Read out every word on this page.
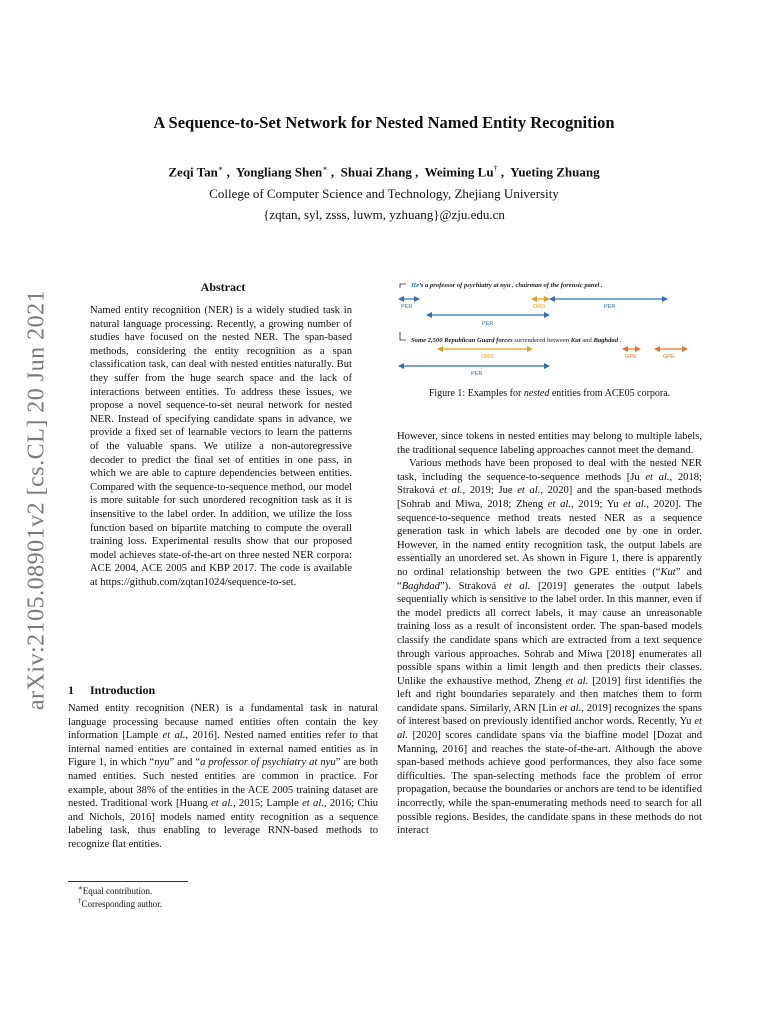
arXiv:2105.08901v2 [cs.CL] 20 Jun 2021
A Sequence-to-Set Network for Nested Named Entity Recognition
Zeqi Tan∗ ,  Yongliang Shen∗ ,  Shuai Zhang ,  Weiming Lu† ,  Yueting Zhuang
College of Computer Science and Technology, Zhejiang University
{zqtan, syl, zsss, luwm, yzhuang}@zju.edu.cn
Abstract

Named entity recognition (NER) is a widely studied task in natural language processing. Recently, a growing number of studies have focused on the nested NER. The span-based methods, considering the entity recognition as a span classification task, can deal with nested entities naturally. But they suffer from the huge search space and the lack of interactions between entities. To address these issues, we propose a novel sequence-to-set neural network for nested NER. Instead of specifying candidate spans in advance, we provide a fixed set of learnable vectors to learn the patterns of the valuable spans. We utilize a non-autoregressive decoder to predict the final set of entities in one pass, in which we are able to capture dependencies between entities. Compared with the sequence-to-sequence method, our model is more suitable for such unordered recognition task as it is insensitive to the label order. In addition, we utilize the loss function based on bipartite matching to compute the overall training loss. Experimental results show that our proposed model achieves state-of-the-art on three nested NER corpora: ACE 2004, ACE 2005 and KBP 2017. The code is available at https://github.com/zqtan1024/sequence-to-set.

1 Introduction

Named entity recognition (NER) is a fundamental task in natural language processing because named entities often contain the key information [Lample et al., 2016]. Nested named entities refer to that internal named entities are contained in external named entities as in Figure 1, in which “nyu” and “a professor of psychiatry at nyu” are both named entities. Such nested entities are common in practice. For example, about 38% of the entities in the ACE 2005 training dataset are nested. Traditional work [Huang et al., 2015; Lample et al., 2016; Chiu and Nichols, 2016] models named entity recognition as a sequence labeling task, thus enabling to leverage RNN-based methods to recognize flat entities.

∗Equal contribution.
†Corresponding author.
He’s a professor of psychiatry at nyu , chairman of the forensic panel .
PER	ORG	PER
PER
Some 2,500 Republican Guard forces surrendered between Kut and Baghdad .
ORG	GPE	GPE
PER
Figure 1: Examples for nested entities from ACE05 corpora.

However, since tokens in nested entities may belong to multiple labels, the traditional sequence labeling approaches cannot meet the demand.

Various methods have been proposed to deal with the nested NER task, including the sequence-to-sequence methods [Ju et al., 2018; Straková et al., 2019; Jue et al., 2020] and the span-based methods [Sohrab and Miwa, 2018; Zheng et al., 2019; Yu et al., 2020]. The sequence-to-sequence method treats nested NER as a sequence generation task in which labels are decoded one by one in order. However, in the named entity recognition task, the output labels are essentially an unordered set. As shown in Figure 1, there is apparently no ordinal relationship between the two GPE entities (“Kut” and “Baghdad”). Straková et al. [2019] generates the output labels sequentially which is sensitive to the label order. In this manner, even if the model predicts all correct labels, it may cause an unreasonable training loss as a result of inconsistent order. The span-based models classify the candidate spans which are extracted from a text sequence through various approaches. Sohrab and Miwa [2018] enumerates all possible spans within a limit length and then predicts their classes. Unlike the exhaustive method, Zheng et al. [2019] first identifies the left and right boundaries separately and then matches them to form candidate spans. Similarly, ARN [Lin et al., 2019] recognizes the spans of interest based on previously identified anchor words. Recently, Yu et al. [2020] scores candidate spans via the biaffine model [Dozat and Manning, 2016] and reaches the state-of-the-art. Although the above span-based methods achieve good performances, they also face some difficulties. The span-selecting methods face the problem of error propagation, because the boundaries or anchors are tend to be identified incorrectly, while the span-enumerating methods need to search for all possible regions. Besides, the candidate spans in these methods do not interact
